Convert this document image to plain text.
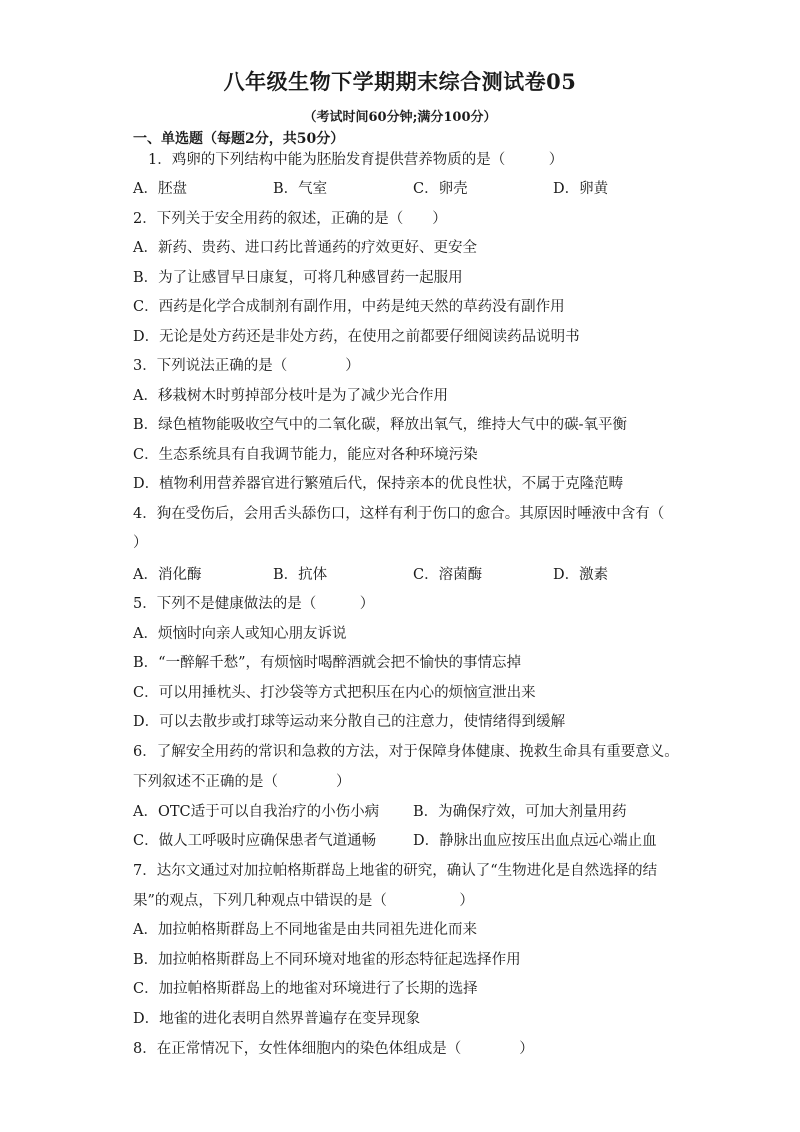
八年级生物下学期期末综合测试卷05
（考试时间60分钟;满分100分）
一、单选题（每题2分，共50分）
1．鸡卵的下列结构中能为胚胎发育提供营养物质的是（　　　）
A．胚盘	B．气室	C．卵壳	D．卵黄
2．下列关于安全用药的叙述，正确的是（　　）
A．新药、贵药、进口药比普通药的疗效更好、更安全
B．为了让感冒早日康复，可将几种感冒药一起服用
C．西药是化学合成制剂有副作用，中药是纯天然的草药没有副作用
D．无论是处方药还是非处方药，在使用之前都要仔细阅读药品说明书
3．下列说法正确的是（　　　　）
A．移栽树木时剪掉部分枝叶是为了减少光合作用
B．绿色植物能吸收空气中的二氧化碳，释放出氧气，维持大气中的碳-氧平衡
C．生态系统具有自我调节能力，能应对各种环境污染
D．植物利用营养器官进行繁殖后代，保持亲本的优良性状，不属于克隆范畴
4．狗在受伤后，会用舌头舔伤口，这样有利于伤口的愈合。其原因时唾液中含有（
）
A．消化酶	B．抗体	C．溶菌酶	D．激素
5．下列不是健康做法的是（　　　）
A．烦恼时向亲人或知心朋友诉说
B．“一醉解千愁”，有烦恼时喝醉酒就会把不愉快的事情忘掉
C．可以用捶枕头、打沙袋等方式把积压在内心的烦恼宣泄出来
D．可以去散步或打球等运动来分散自己的注意力，使情绪得到缓解
6．了解安全用药的常识和急救的方法，对于保障身体健康、挽救生命具有重要意义。
下列叙述不正确的是（　　　　）
A．OTC适于可以自我治疗的小伤小病 B．为确保疗效，可加大剂量用药
C．做人工呼吸时应确保患者气道通畅	D．静脉出血应按压出血点远心端止血
7．达尔文通过对加拉帕格斯群岛上地雀的研究，确认了“生物进化是自然选择的结
果”的观点，下列几种观点中错误的是（　　　　　）
A．加拉帕格斯群岛上不同地雀是由共同祖先进化而来
B．加拉帕格斯群岛上不同环境对地雀的形态特征起选择作用
C．加拉帕格斯群岛上的地雀对环境进行了长期的选择
D．地雀的进化表明自然界普遍存在变异现象
8．在正常情况下，女性体细胞内的染色体组成是（　　　　）
